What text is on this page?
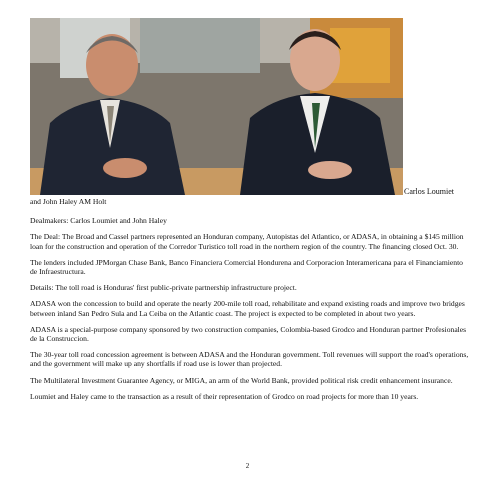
Carlos Loumiet
and John Haley AM Holt

Dealmakers: Carlos Loumiet and John Haley

The Deal: The Broad and Cassel partners represented an Honduran company, Autopistas del Atlantico, or ADASA, in obtaining a $145 million loan for the construction and operation of the Corredor Turistico toll road in the northern region of the country. The financing closed Oct. 30.

The lenders included JPMorgan Chase Bank, Banco Financiera Comercial Hondurena and Corporacion Interamericana para el Financiamiento de Infraestructura.

Details: The toll road is Honduras' first public-private partnership infrastructure project.

ADASA won the concession to build and operate the nearly 200-mile toll road, rehabilitate and expand existing roads and improve two bridges between inland San Pedro Sula and La Ceiba on the Atlantic coast. The project is expected to be completed in about two years.

ADASA is a special-purpose company sponsored by two construction companies, Colombia-based Grodco and Honduran partner Profesionales de la Construccion.

The 30-year toll road concession agreement is between ADASA and the Honduran government. Toll revenues will support the road's operations, and the government will make up any shortfalls if road use is lower than projected.

The Multilateral Investment Guarantee Agency, or MIGA, an arm of the World Bank, provided political risk credit enhancement insurance.

Loumiet and Haley came to the transaction as a result of their representation of Grodco on road projects for more than 10 years.

2
